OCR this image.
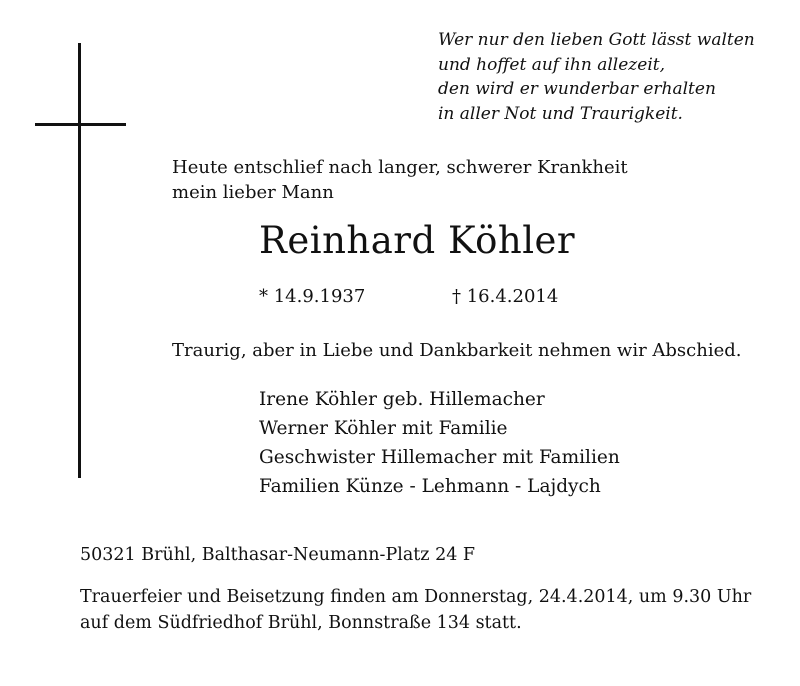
Wer nur den lieben Gott lässt walten
und hoffet auf ihn allezeit,
den wird er wunderbar erhalten
in aller Not und Traurigkeit.
Heute entschlief nach langer, schwerer Krankheit
mein lieber Mann
Reinhard Köhler
* 14.9.1937	† 16.4.2014
Traurig, aber in Liebe und Dankbarkeit nehmen wir Abschied.
Irene Köhler geb. Hillemacher
Werner Köhler mit Familie
Geschwister Hillemacher mit Familien
Familien Künze - Lehmann - Lajdych
50321 Brühl, Balthasar-Neumann-Platz 24 F
Trauerfeier und Beisetzung finden am Donnerstag, 24.4.2014, um 9.30 Uhr
auf dem Südfriedhof Brühl, Bonnstraße 134 statt.
